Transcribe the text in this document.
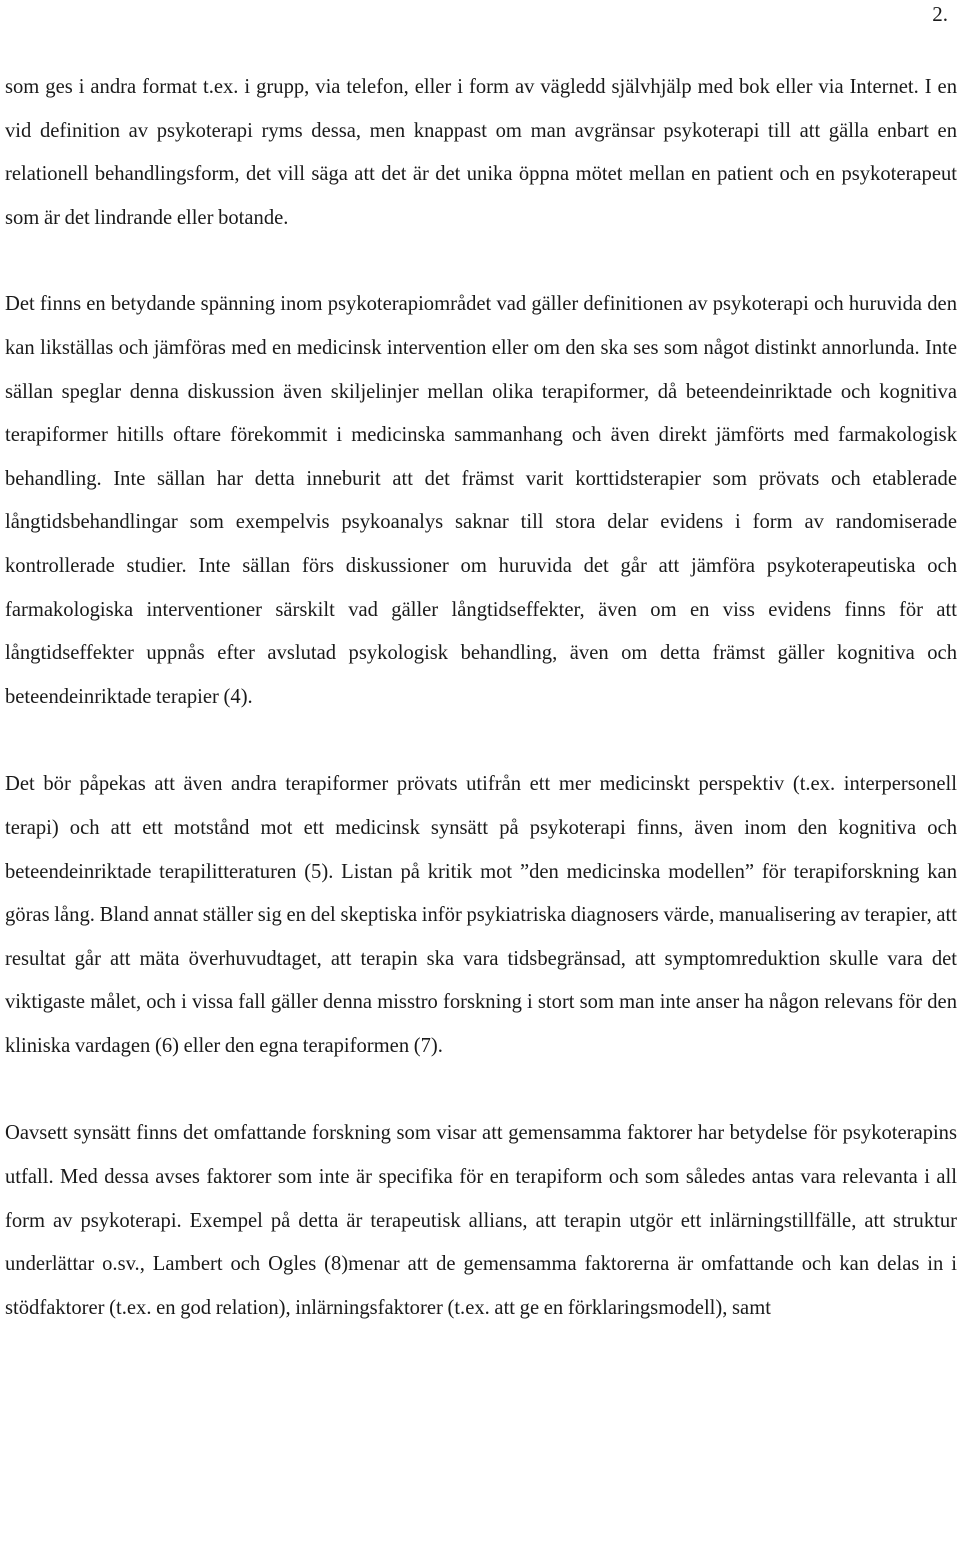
2.

som ges i andra format t.ex. i grupp, via telefon, eller i form av vägledd självhjälp med bok eller via Internet. I en vid definition av psykoterapi ryms dessa, men knappast om man avgränsar psykoterapi till att gälla enbart en relationell behandlingsform, det vill säga att det är det unika öppna mötet mellan en patient och en psykoterapeut som är det lindrande eller botande.

Det finns en betydande spänning inom psykoterapiområdet vad gäller definitionen av psykoterapi och huruvida den kan likställas och jämföras med en medicinsk intervention eller om den ska ses som något distinkt annorlunda. Inte sällan speglar denna diskussion även skiljelinjer mellan olika terapiformer, då beteendeinriktade och kognitiva terapiformer hitills oftare förekommit i medicinska sammanhang och även direkt jämförts med farmakologisk behandling. Inte sällan har detta inneburit att det främst varit korttidsterapier som prövats och etablerade långtidsbehandlingar som exempelvis psykoanalys saknar till stora delar evidens i form av randomiserade kontrollerade studier. Inte sällan förs diskussioner om huruvida det går att jämföra psykoterapeutiska och farmakologiska interventioner särskilt vad gäller långtidseffekter, även om en viss evidens finns för att långtidseffekter uppnås efter avslutad psykologisk behandling, även om detta främst gäller kognitiva och beteendeinriktade terapier (4).

Det bör påpekas att även andra terapiformer prövats utifrån ett mer medicinskt perspektiv (t.ex. interpersonell terapi) och att ett motstånd mot ett medicinsk synsätt på psykoterapi finns, även inom den kognitiva och beteendeinriktade terapilitteraturen (5). Listan på kritik mot ”den medicinska modellen” för terapiforskning kan göras lång. Bland annat ställer sig en del skeptiska inför psykiatriska diagnosers värde, manualisering av terapier, att resultat går att mäta överhuvudtaget, att terapin ska vara tidsbegränsad, att symptomreduktion skulle vara det viktigaste målet, och i vissa fall gäller denna misstro forskning i stort som man inte anser ha någon relevans för den kliniska vardagen (6) eller den egna terapiformen (7).

Oavsett synsätt finns det omfattande forskning som visar att gemensamma faktorer har betydelse för psykoterapins utfall. Med dessa avses faktorer som inte är specifika för en terapiform och som således antas vara relevanta i all form av psykoterapi. Exempel på detta är terapeutisk allians, att terapin utgör ett inlärningstillfälle, att struktur underlättar o.sv., Lambert och Ogles (8)menar att de gemensamma faktorerna är omfattande och kan delas in i stödfaktorer (t.ex. en god relation), inlärningsfaktorer (t.ex. att ge en förklaringsmodell), samt
